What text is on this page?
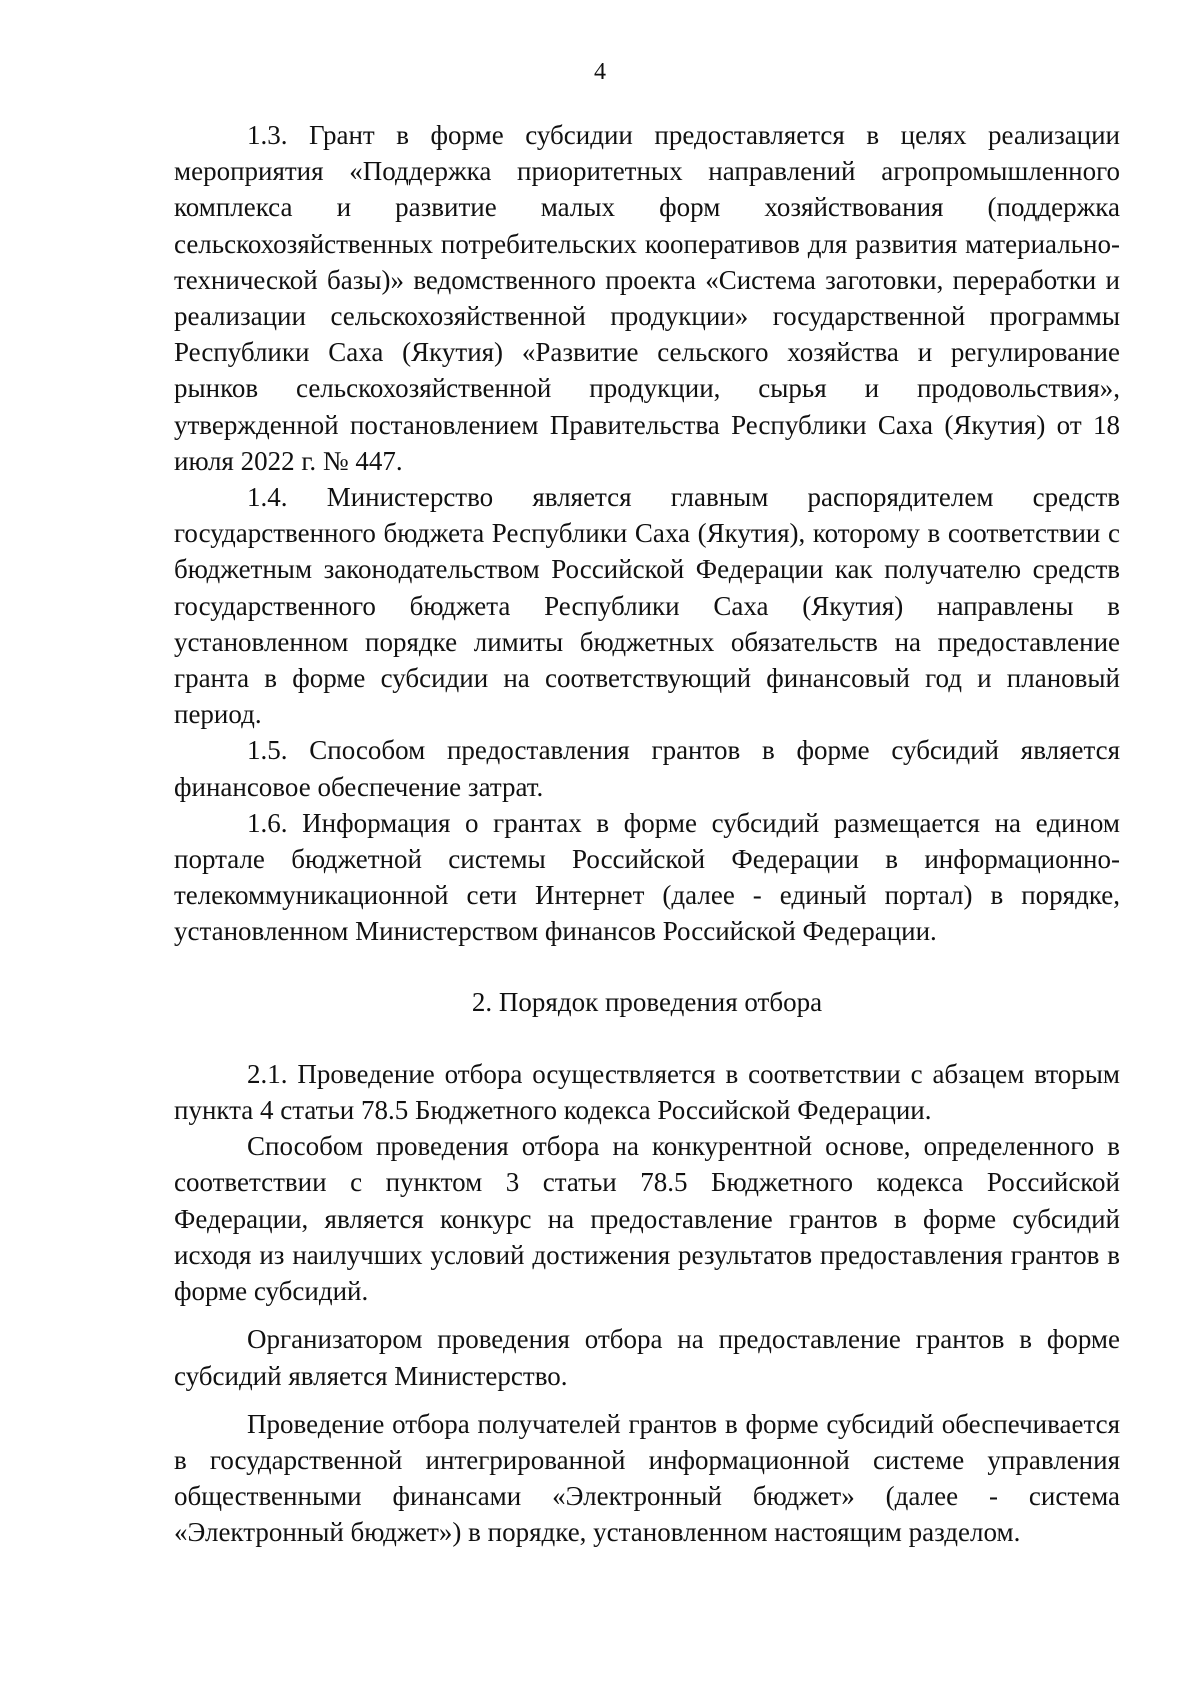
4

1.3. Грант в форме субсидии предоставляется в целях реализации мероприятия «Поддержка приоритетных направлений агропромышленного комплекса и развитие малых форм хозяйствования (поддержка сельскохозяйственных потребительских кооперативов для развития материально-технической базы)» ведомственного проекта «Система заготовки, переработки и реализации сельскохозяйственной продукции» государственной программы Республики Саха (Якутия) «Развитие сельского хозяйства и регулирование рынков сельскохозяйственной продукции, сырья и продовольствия», утвержденной постановлением Правительства Республики Саха (Якутия) от 18 июля 2022 г. № 447.

1.4. Министерство является главным распорядителем средств государственного бюджета Республики Саха (Якутия), которому в соответствии с бюджетным законодательством Российской Федерации как получателю средств государственного бюджета Республики Саха (Якутия) направлены в установленном порядке лимиты бюджетных обязательств на предоставление гранта в форме субсидии на соответствующий финансовый год и плановый период.

1.5. Способом предоставления грантов в форме субсидий является финансовое обеспечение затрат.

1.6. Информация о грантах в форме субсидий размещается на едином портале бюджетной системы Российской Федерации в информационно-телекоммуникационной сети Интернет (далее - единый портал) в порядке, установленном Министерством финансов Российской Федерации.

2. Порядок проведения отбора

2.1. Проведение отбора осуществляется в соответствии с абзацем вторым пункта 4 статьи 78.5 Бюджетного кодекса Российской Федерации.

Способом проведения отбора на конкурентной основе, определенного в соответствии с пунктом 3 статьи 78.5 Бюджетного кодекса Российской Федерации, является конкурс на предоставление грантов в форме субсидий исходя из наилучших условий достижения результатов предоставления грантов в форме субсидий.

Организатором проведения отбора на предоставление грантов в форме субсидий является Министерство.

Проведение отбора получателей грантов в форме субсидий обеспечивается в государственной интегрированной информационной системе управления общественными финансами «Электронный бюджет» (далее - система «Электронный бюджет») в порядке, установленном настоящим разделом.
